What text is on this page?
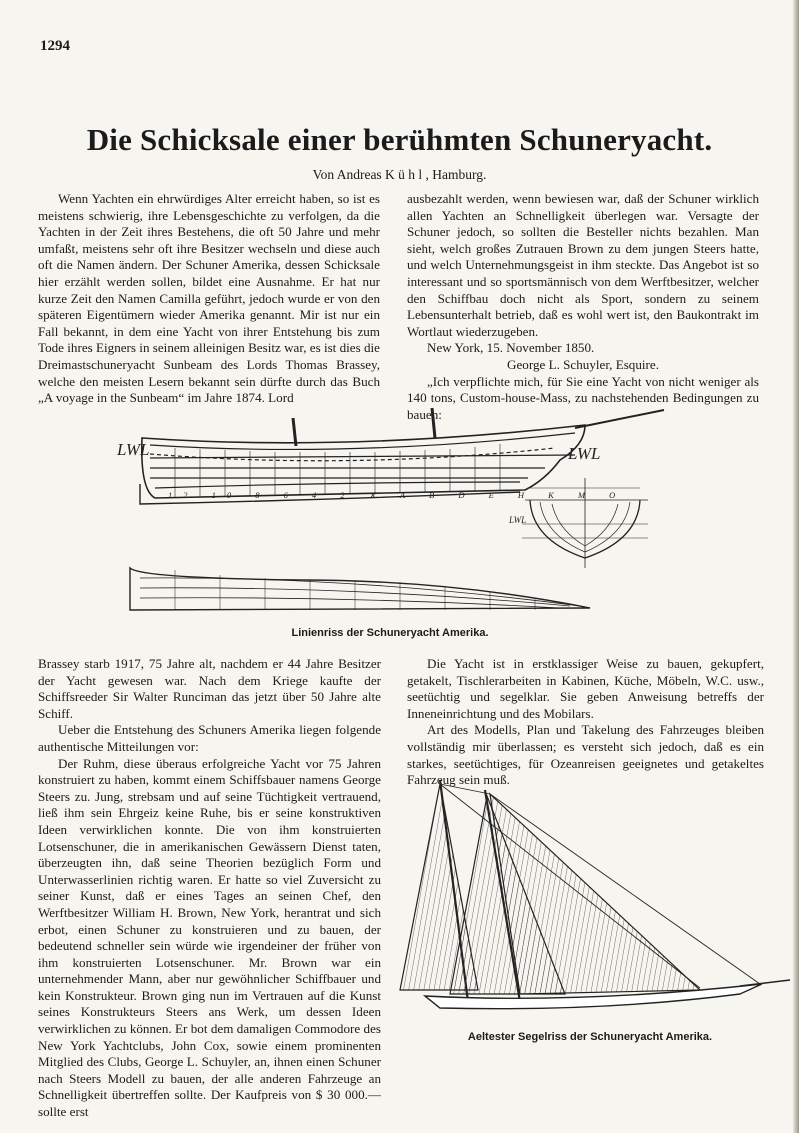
1294
Die Schicksale einer berühmten Schuneryacht.
Von Andreas K ü h l , Hamburg.

Wenn Yachten ein ehrwürdiges Alter erreicht haben, so ist es meistens schwierig, ihre Lebensgeschichte zu verfolgen, da die Yachten in der Zeit ihres Bestehens, die oft 50 Jahre und mehr umfaßt, meistens sehr oft ihre Besitzer wechseln und diese auch oft die Namen ändern. Der Schuner Amerika, dessen Schicksale hier erzählt werden sollen, bildet eine Ausnahme. Er hat nur kurze Zeit den Namen Camilla geführt, jedoch wurde er von den späteren Eigentümern wieder Amerika genannt. Mir ist nur ein Fall bekannt, in dem eine Yacht von ihrer Entstehung bis zum Tode ihres Eigners in seinem alleinigen Besitz war, es ist dies die Dreimastschuneryacht Sunbeam des Lords Thomas Brassey, welche den meisten Lesern bekannt sein dürfte durch das Buch „A voyage in the Sunbeam“ im Jahre 1874. Lord

ausbezahlt werden, wenn bewiesen war, daß der Schuner wirklich allen Yachten an Schnelligkeit überlegen war. Versagte der Schuner jedoch, so sollten die Besteller nichts bezahlen. Man sieht, welch großes Zutrauen Brown zu dem jungen Steers hatte, und welch Unternehmungsgeist in ihm steckte. Das Angebot ist so interessant und so sportsmännisch von dem Werftbesitzer, welcher den Schiffbau doch nicht als Sport, sondern zu seinem Lebensunterhalt betrieb, daß es wohl wert ist, den Baukontrakt im Wortlaut wiederzugeben.

New York, 15. November 1850.

George L. Schuyler, Esquire.

„Ich verpflichte mich, für Sie eine Yacht von nicht weniger als 140 tons, Custom-house-Mass, zu nachstehenden Bedingungen zu bauen:

LWL	LWL
LWL
12 10 8 6 4 2 ⨯ A B D E H K M O
Linienriss der Schuneryacht Amerika.

Brassey starb 1917, 75 Jahre alt, nachdem er 44 Jahre Besitzer der Yacht gewesen war. Nach dem Kriege kaufte der Schiffsreeder Sir Walter Runciman das jetzt über 50 Jahre alte Schiff.

Ueber die Entstehung des Schuners Amerika liegen folgende authentische Mitteilungen vor:

Der Ruhm, diese überaus erfolgreiche Yacht vor 75 Jahren konstruiert zu haben, kommt einem Schiffsbauer namens George Steers zu. Jung, strebsam und auf seine Tüchtigkeit vertrauend, ließ ihm sein Ehrgeiz keine Ruhe, bis er seine konstruktiven Ideen verwirklichen konnte. Die von ihm konstruierten Lotsenschuner, die in amerikanischen Gewässern Dienst taten, überzeugten ihn, daß seine Theorien bezüglich Form und Unterwasserlinien richtig waren. Er hatte so viel Zuversicht zu seiner Kunst, daß er eines Tages an seinen Chef, den Werftbesitzer William H. Brown, New York, herantrat und sich erbot, einen Schuner zu konstruieren und zu bauen, der bedeutend schneller sein würde wie irgendeiner der früher von ihm konstruierten Lotsenschuner. Mr. Brown war ein unternehmender Mann, aber nur gewöhnlicher Schiffbauer und kein Konstrukteur. Brown ging nun im Vertrauen auf die Kunst seines Konstrukteurs Steers ans Werk, um dessen Ideen verwirklichen zu können. Er bot dem damaligen Commodore des New York Yachtclubs, John Cox, sowie einem prominenten Mitglied des Clubs, George L. Schuyler, an, ihnen einen Schuner nach Steers Modell zu bauen, der alle anderen Fahrzeuge an Schnelligkeit übertreffen sollte. Der Kaufpreis von $ 30 000.— sollte erst

Die Yacht ist in erstklassiger Weise zu bauen, gekupfert, getakelt, Tischlerarbeiten in Kabinen, Küche, Möbeln, W.C. usw., seetüchtig und segelklar. Sie geben Anweisung betreffs der Inneneinrichtung und des Mobilars.

Art des Modells, Plan und Takelung des Fahrzeuges bleiben vollständig mir überlassen; es versteht sich jedoch, daß es ein starkes, seetüchtiges, für Ozeanreisen geeignetes und getakeltes Fahrzeug sein muß.

Aeltester Segelriss der Schuneryacht Amerika.
